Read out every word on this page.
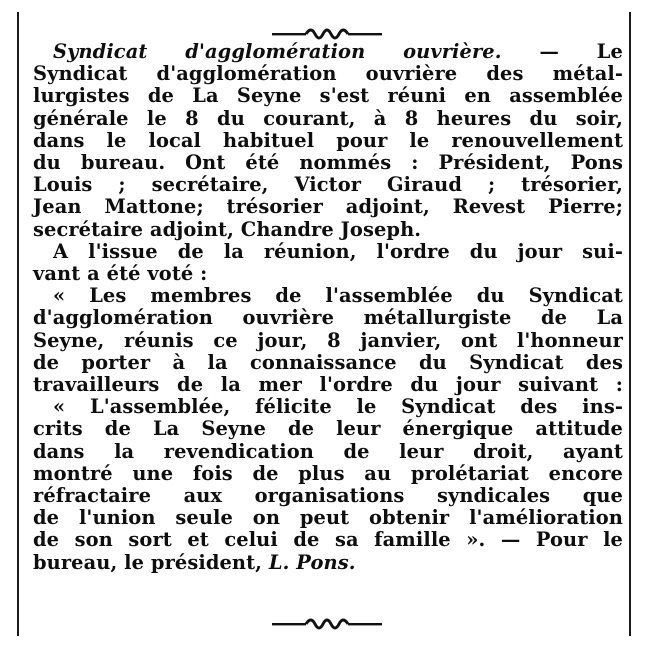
Syndicat d'agglomération ouvrière. — Le
Syndicat d'agglomération ouvrière des métal-
lurgistes de La Seyne s'est réuni en assemblée
générale le 8 du courant, à 8 heures du soir,
dans le local habituel pour le renouvellement
du bureau. Ont été nommés : Président, Pons
Louis ; secrétaire, Victor Giraud ; trésorier,
Jean Mattone; trésorier adjoint, Revest Pierre;
secrétaire adjoint, Chandre Joseph.
A l'issue de la réunion, l'ordre du jour sui-
vant a été voté :
« Les membres de l'assemblée du Syndicat
d'agglomération ouvrière métallurgiste de La
Seyne, réunis ce jour, 8 janvier, ont l'honneur
de porter à la connaissance du Syndicat des
travailleurs de la mer l'ordre du jour suivant :
« L'assemblée, félicite le Syndicat des ins-
crits de La Seyne de leur énergique attitude
dans la revendication de leur droit, ayant
montré une fois de plus au prolétariat encore
réfractaire aux organisations syndicales que
de l'union seule on peut obtenir l'amélioration
de son sort et celui de sa famille ». — Pour le
bureau, le président, L. Pons.
